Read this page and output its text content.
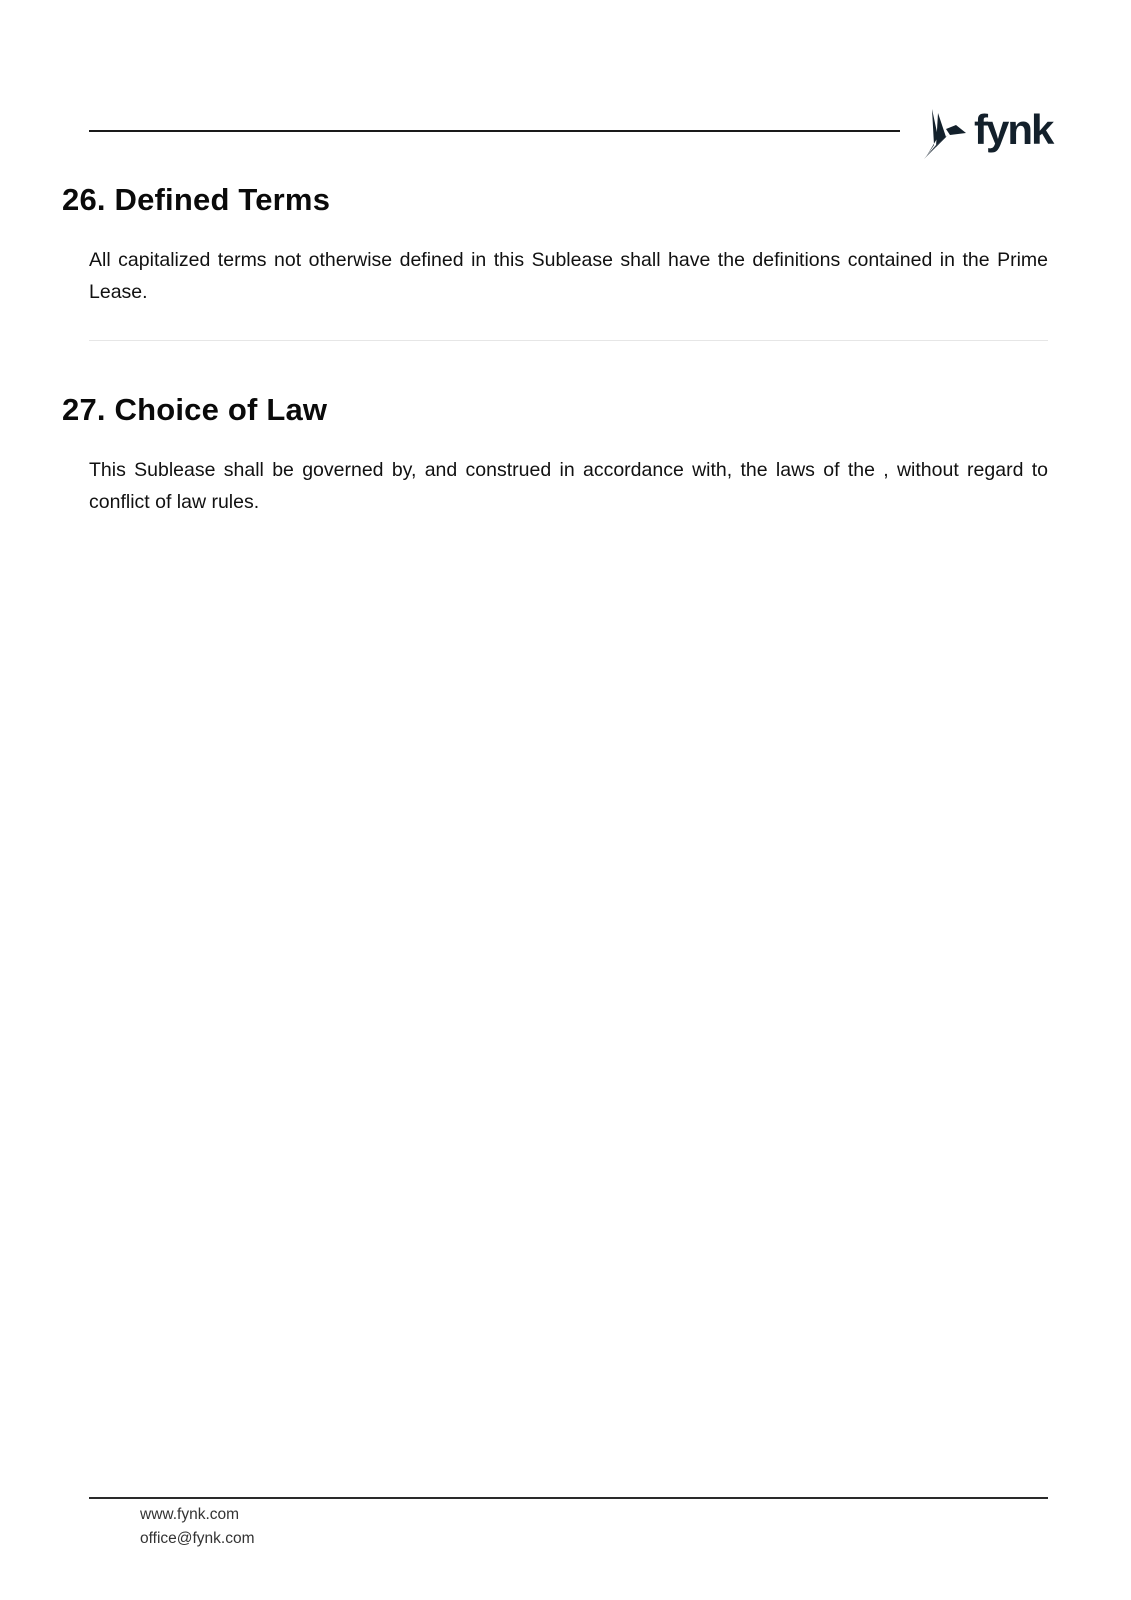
fynk
26. Defined Terms

All capitalized terms not otherwise defined in this Sublease shall have the definitions contained in the Prime Lease.

27. Choice of Law

This Sublease shall be governed by, and construed in accordance with, the laws of the , without regard to conflict of law rules.

www.fynk.com
office@fynk.com
